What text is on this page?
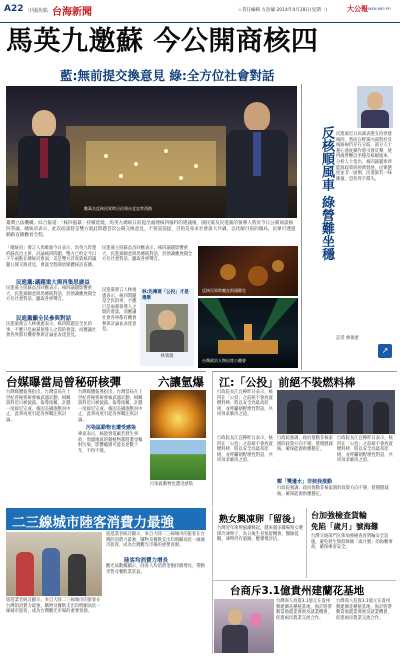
A22 中國焦點 台海新聞	☆責任編輯 方浩嘯 2014年4月28日(星期一)	大公報 WEN WEI PO
馬英九邀蘇 今公開商核四
藍:無前提交換意見 綠:全方位社會對話
數萬名反核民眾昨日佔領台北忠孝西路	反核順風車 綠營難坐穩 民進黨近日高調表態支持停建核四，然而在野黨內部對於反核路線仍存在分歧，部分人士憂心過度操作將引發反彈，使得綠營難以坐穩反核順風車。分析人士指出，核四議題牽涉能源政策與經濟發展，民眾態度並非一面倒，民進黨若一味衝撞，恐怕得不償失。
記者 林俊憲
↗
臺灣立法機構、綜合報道：「核四風暴」持續延燒，馬英九總統日前提出處理核四廢料的建議後，國民黨及民進黨的領導人將於今日公開商談核四爭議。總統府表示，此次面談將是雙方就此問題首次公開交換意見，不預設前提，目的是尋求社會最大共識，以化解目前的僵局，民眾可透過網路直播觀看全程。
「總統府」發言人馬維敏今日表示，馬英九昨邀約蘇貞昌主席，討論核四問題，雙方已約定今日下午兩點在總統府會面，這是雙方首度就核四議題公開交換意見，會談全程開放媒體採訪直播。
民進黨:議題重大需再集思廣益
民進黨主席蘇貞昌回應表示，核四議題影響重大，民進黨願意與馬總統對話，但強調應展開全方位社會對話，聽取各界聲音。
民進黨籲全民參與對話
民進黨發言人林俊憲表示，核四問題是全民的事，不應只是兩黨領導人之間的會談，而應讓社會各界都有機會參與討論並表達意見。
民進黨主席蘇貞昌回應表示，核四議題影響重大，民進黨願意與馬總統對話，但強調應展開全方位社會對話，聽取各界聲音。
民進黨發言人林俊憲表示，核四問題是全民的事，不應只是兩黨領導人之間的會談，而應讓社會各界都有機會參與討論並表達意見。
林:先傳達「公投」才是選舉
林義雄
反核民眾昨晚在街頭靜坐
台灣政治人物出席公聽會
台媒曝當局曾秘研核彈	六讓氫爆
台灣媒體報導指出，台灣當局在上世紀曾秘密研發核武器計劃，相關資料近日被披露。報導指稱，計劃一度接近完成，後因美國施壓而中止，此事再度引起各界關注與討論。
台灣媒體報導指出，台灣當局在上世紀曾秘密研發核武器計劃，相關資料近日被披露。報導指稱，計劃一度接近完成，後因美國施壓而中止，此事再度引起各界關注與討論。
污染區動物也遭受感染
專家表示，核能發電廠若發生事故，周邊地區的動植物都將遭受輻射污染，影響範圍可能長達數十年，不得不慎。
污染區動物也遭受感染
江:「公投」前絕不裝燃料棒
行政院長江宜樺昨日表示，核四在「公投」之前絕不會放置燃料棒，將以安全為最高原則，並呼籲朝野理性對話，共同尋求解決之道。
行政院長江宜樺昨日表示，核四在「公投」之前絕不會放置燃料棒，將以安全為最高原則，並呼籲朝野理性對話，共同尋求解決之道。
行政院強調，政府推動非核家園的政策方向不變，將穩健減核，確保能源供應穩定。
行政院長江宜樺昨日表示，核四在「公投」之前絕不會放置燃料棒，將以安全為最高原則，並呼籲朝野理性對話，共同尋求解決之道。
鄭「雙邊水」非核我推動
行政院強調，政府推動非核家園的政策方向不變，將穩健減核，確保能源供應穩定。
二三線城市陸客消費力最強
旅遊業者統計顯示，來自大陸二三線城市的旅客在台灣的消費力最強，購物及餐飲支出均明顯高於一線城市旅客，成為台灣觀光市場的重要客源。
旅遊業者統計顯示，來自大陸二三線城市的旅客在台灣的消費力最強，購物及餐飲支出均明顯高於一線城市旅客，成為台灣觀光市場的重要客源。
陸客均消費力增長
觀光局數據顯示，陸客人均消費金額持續增長，帶動零售及餐飲業景氣。
熟女興凍卵「留後」
台灣近年凍卵風潮興起，越來越多職場熟女選擇冷凍卵子，為日後生育預留機會。醫師提醒，凍卵仍有風險，應審慎評估。
台加強檢查貨輪
免陷「歲月」號海難
台灣交通部門宣佈加強檢查客貨輪安全設施，避免發生類似韓國「歲月號」的海難事故，確保乘客安全。
台商斥3.1億貴州建蘭花基地
台灣商人投資3.1億元在貴州興建蘭花種植基地，預計將帶動當地農業發展及就業機會，促進兩岸農業交流合作。
台灣商人投資3.1億元在貴州興建蘭花種植基地，預計將帶動當地農業發展及就業機會，促進兩岸農業交流合作。
